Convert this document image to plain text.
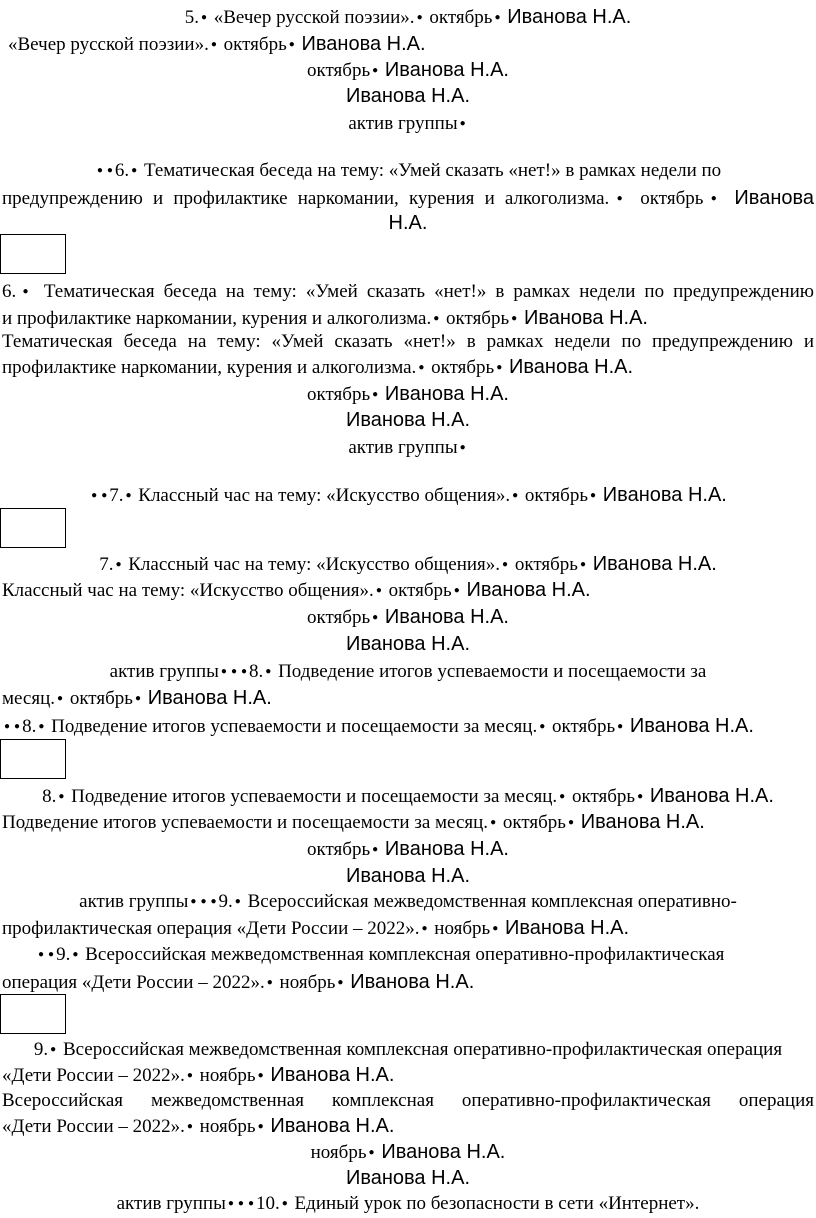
5. ● «Вечер русской поэзии». ● октябрь ● Иванова Н.А.
«Вечер русской поэзии». ● октябрь ● Иванова Н.А.
октябрь ● Иванова Н.А.
Иванова Н.А.
актив группы●
● ● 6. ● Тематическая беседа на тему: «Умей сказать «нет!» в рамках недели по
предупреждению и профилактике наркомании, курения и алкоголизма. ● октябрь ● Иванова
Н.А.
6. ● Тематическая беседа на тему: «Умей сказать «нет!» в рамках недели по предупреждению
и профилактике наркомании, курения и алкоголизма. ● октябрь ● Иванова Н.А.
Тематическая беседа на тему: «Умей сказать «нет!» в рамках недели по предупреждению и
профилактике наркомании, курения и алкоголизма. ● октябрь ● Иванова Н.А.
октябрь ● Иванова Н.А.
Иванова Н.А.
актив группы●
● ● 7. ● Классный час на тему: «Искусство общения». ● октябрь ● Иванова Н.А.
7. ● Классный час на тему: «Искусство общения». ● октябрь ● Иванова Н.А.
Классный час на тему: «Искусство общения». ● октябрь ● Иванова Н.А.
октябрь ● Иванова Н.А.
Иванова Н.А.
актив группы ● ● ● 8. ● Подведение итогов успеваемости и посещаемости за
месяц. ● октябрь ● Иванова Н.А.
● ● 8. ● Подведение итогов успеваемости и посещаемости за месяц. ● октябрь ● Иванова Н.А.
8. ● Подведение итогов успеваемости и посещаемости за месяц. ● октябрь ● Иванова Н.А.
Подведение итогов успеваемости и посещаемости за месяц. ● октябрь ● Иванова Н.А.
октябрь ● Иванова Н.А.
Иванова Н.А.
актив группы ● ● ● 9. ● Всероссийская межведомственная комплексная оперативно-
профилактическая операция «Дети России – 2022». ● ноябрь ● Иванова Н.А.
● ● 9. ● Всероссийская межведомственная комплексная оперативно-профилактическая
операция «Дети России – 2022». ● ноябрь ● Иванова Н.А.
9. ● Всероссийская межведомственная комплексная оперативно-профилактическая операция
«Дети России – 2022». ● ноябрь ● Иванова Н.А.
Всероссийская межведомственная комплексная оперативно-профилактическая операция
«Дети России – 2022». ● ноябрь ● Иванова Н.А.
ноябрь ● Иванова Н.А.
Иванова Н.А.
актив группы ● ● ● 10. ● Единый урок по безопасности в сети «Интернет».
